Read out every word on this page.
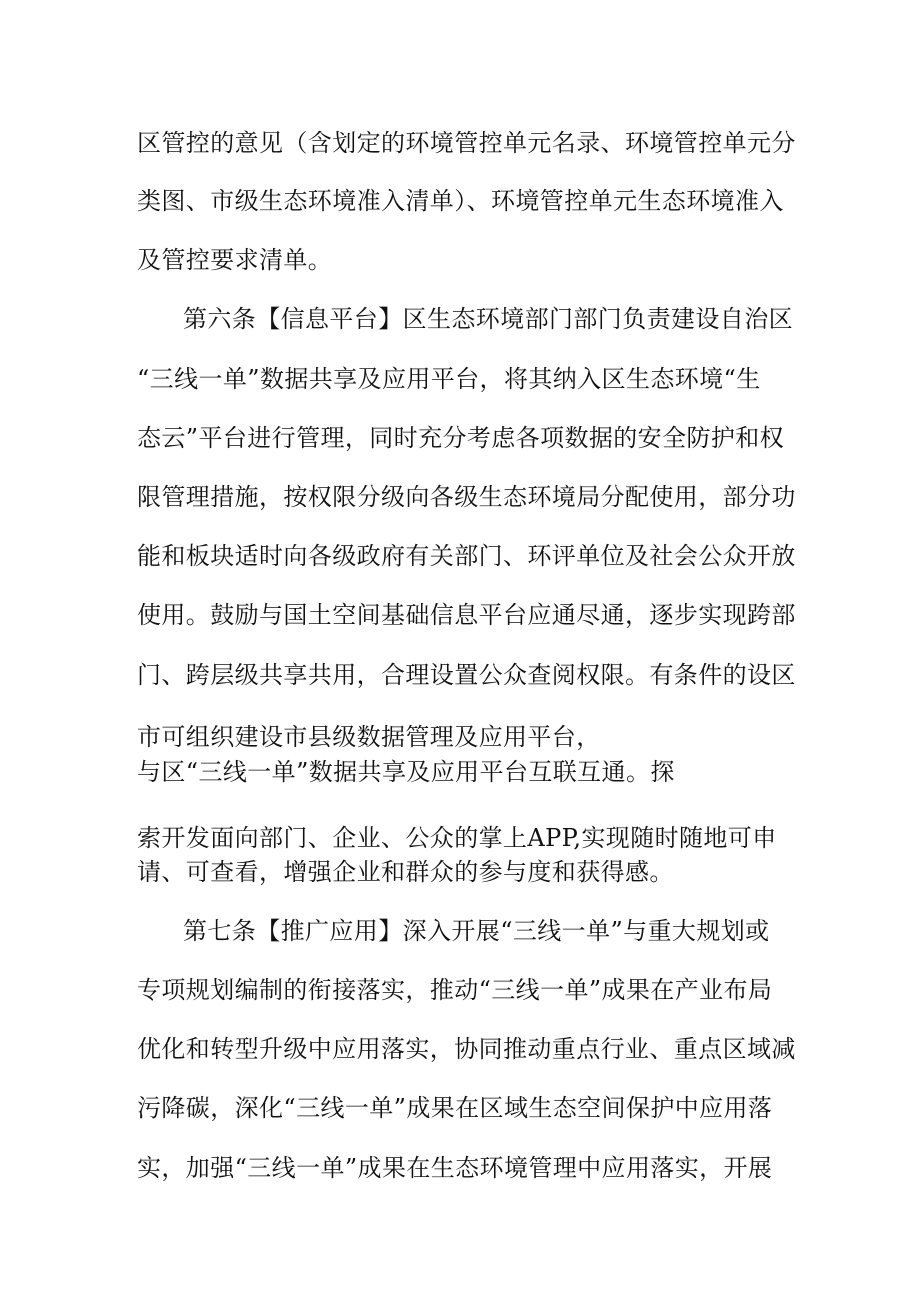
区管控的意见（含划定的环境管控单元名录、环境管控单元分
类图、市级生态环境准入清单）、环境管控单元生态环境准入
及管控要求清单。
第六条【信息平台】区生态环境部门部门负责建设自治区
“三线一单”数据共享及应用平台，将其纳入区生态环境“生
态云”平台进行管理，同时充分考虑各项数据的安全防护和权
限管理措施，按权限分级向各级生态环境局分配使用，部分功
能和板块适时向各级政府有关部门、环评单位及社会公众开放
使用。鼓励与国土空间基础信息平台应通尽通，逐步实现跨部
门、跨层级共享共用，合理设置公众查阅权限。有条件的设区
市可组织建设市县级数据管理及应用平台，
与区“三线一单”数据共享及应用平台互联互通。探
索开发面向部门、企业、公众的掌上APP,实现随时随地可申
请、可查看，增强企业和群众的参与度和获得感。
第七条【推广应用】深入开展“三线一单”与重大规划或
专项规划编制的衔接落实，推动“三线一单”成果在产业布局
优化和转型升级中应用落实，协同推动重点行业、重点区域减
污降碳，深化“三线一单”成果在区域生态空间保护中应用落
实，加强“三线一单”成果在生态环境管理中应用落实，开展
